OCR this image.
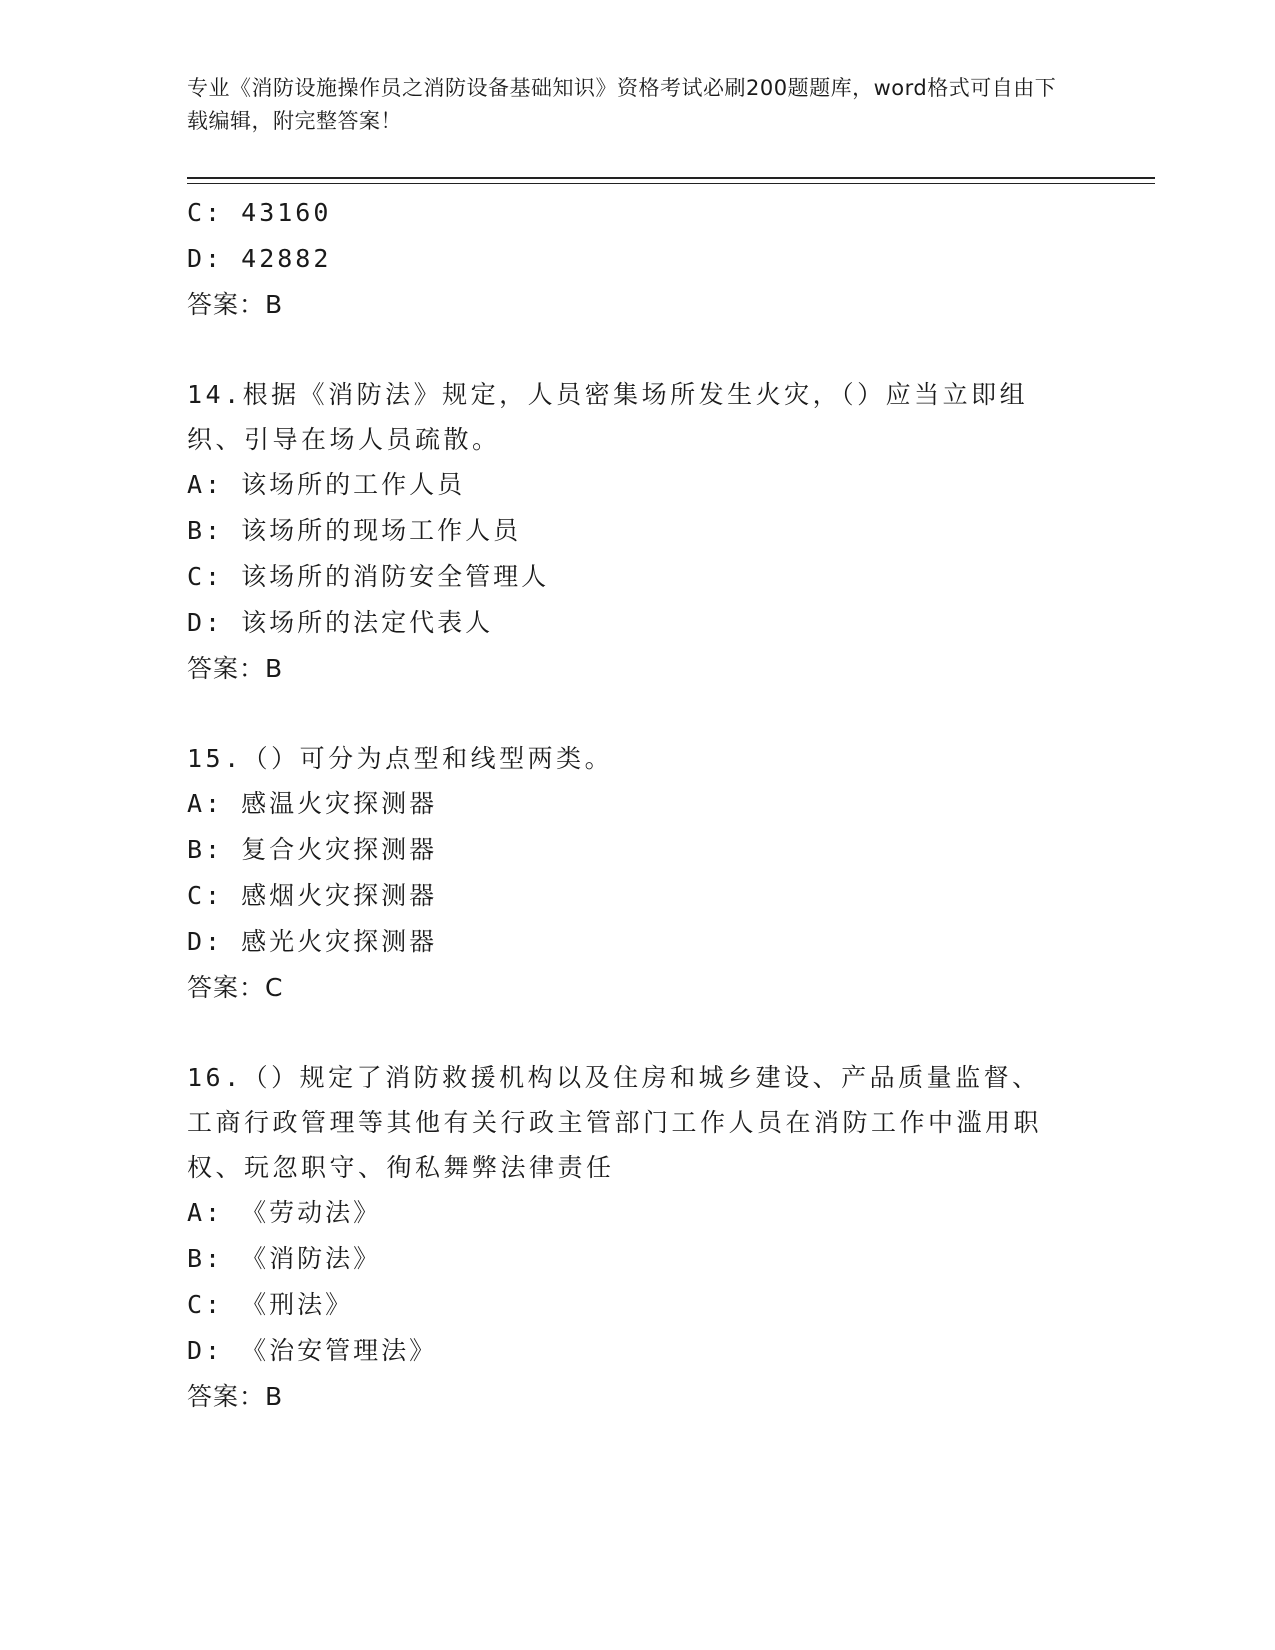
专业《消防设施操作员之消防设备基础知识》资格考试必刷200题题库，word格式可自由下载编辑，附完整答案！
C: 43160
D: 42882
答案：B
14.根据《消防法》规定，人员密集场所发生火灾，（）应当立即组织、引导在场人员疏散。
A: 该场所的工作人员
B: 该场所的现场工作人员
C: 该场所的消防安全管理人
D: 该场所的法定代表人
答案：B
15.（）可分为点型和线型两类。
A: 感温火灾探测器
B: 复合火灾探测器
C: 感烟火灾探测器
D: 感光火灾探测器
答案：C
16.（）规定了消防救援机构以及住房和城乡建设、产品质量监督、工商行政管理等其他有关行政主管部门工作人员在消防工作中滥用职权、玩忽职守、徇私舞弊法律责任
A: 《劳动法》
B: 《消防法》
C: 《刑法》
D: 《治安管理法》
答案：B
